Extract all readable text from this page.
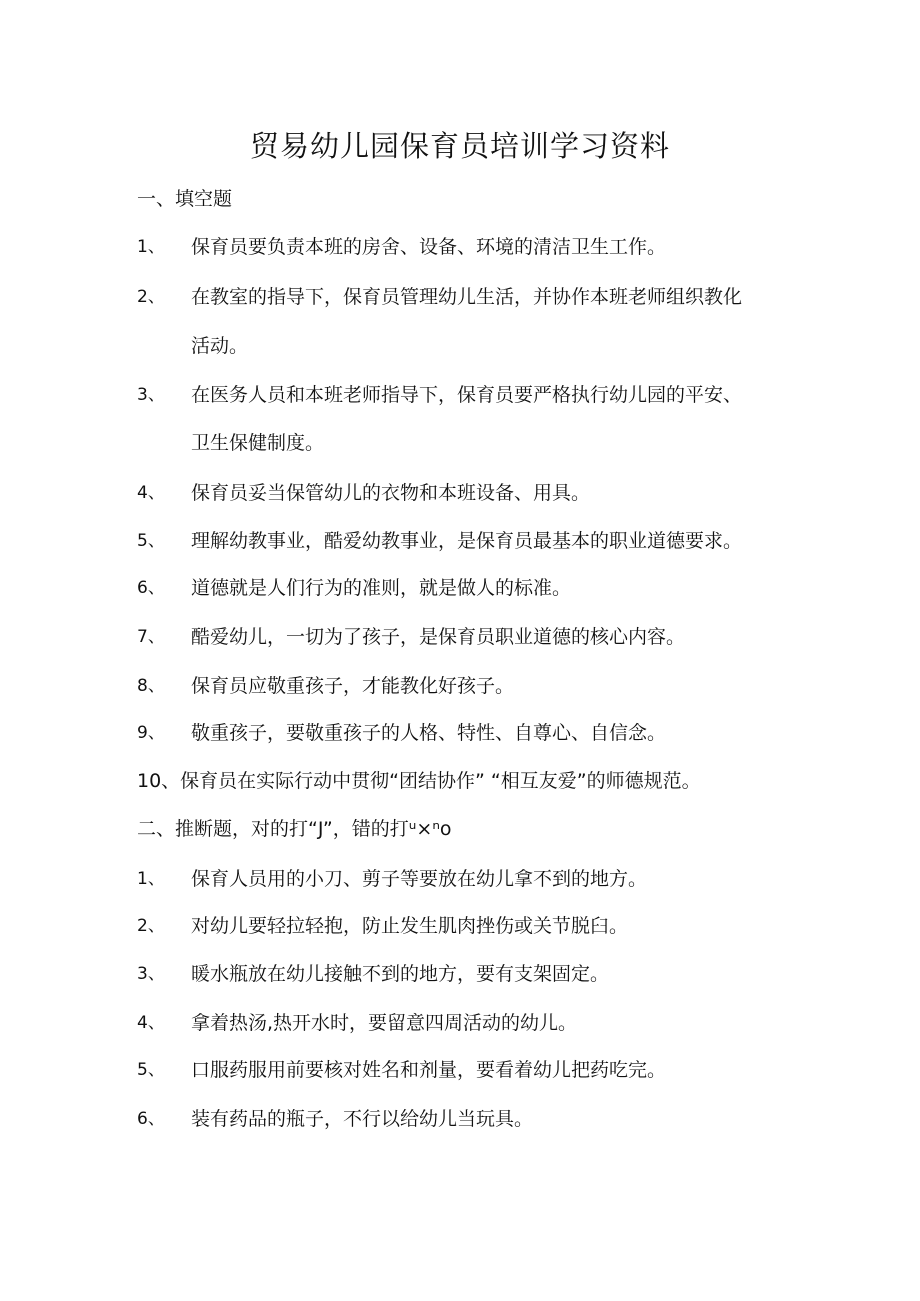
贸易幼儿园保育员培训学习资料
一、填空题
1、 保育员要负责本班的房舍、设备、环境的清洁卫生工作。
2、 在教室的指导下，保育员管理幼儿生活，并协作本班老师组织教化
活动。
3、 在医务人员和本班老师指导下，保育员要严格执行幼儿园的平安、
卫生保健制度。
4、 保育员妥当保管幼儿的衣物和本班设备、用具。
5、 理解幼教事业，酷爱幼教事业，是保育员最基本的职业道德要求。
6、 道德就是人们行为的准则，就是做人的标准。
7、 酷爱幼儿，一切为了孩子，是保育员职业道德的核心内容。
8、 保育员应敬重孩子，才能教化好孩子。
9、 敬重孩子，要敬重孩子的人格、特性、自尊心、自信念。
10、保育员在实际行动中贯彻“团结协作” “相互友爱”的师德规范。
二、推断题，对的打“J”，错的打ᵘ×ⁿo
1、 保育人员用的小刀、剪子等要放在幼儿拿不到的地方。
2、 对幼儿要轻拉轻抱，防止发生肌肉挫伤或关节脱臼。
3、 暖水瓶放在幼儿接触不到的地方，要有支架固定。
4、 拿着热汤,热开水时，要留意四周活动的幼儿。
5、 口服药服用前要核对姓名和剂量，要看着幼儿把药吃完。
6、 装有药品的瓶子，不行以给幼儿当玩具。
